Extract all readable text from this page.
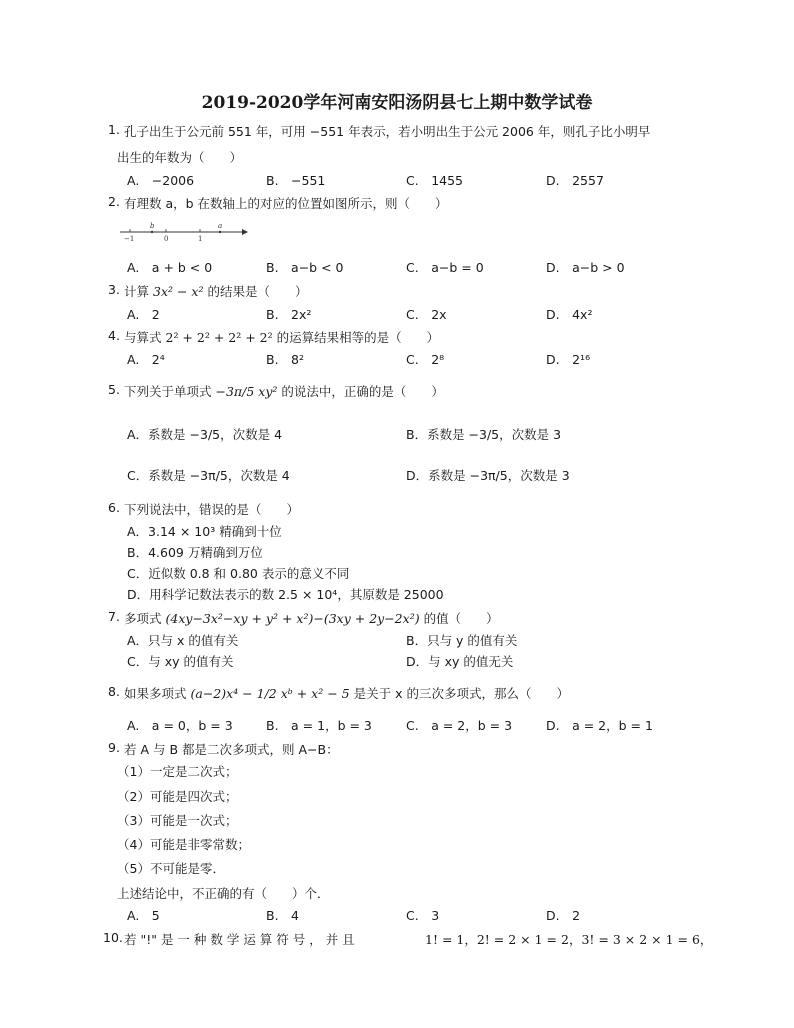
2019-2020学年河南安阳汤阴县七上期中数学试卷
1. 孔子出生于公元前 551 年，可用 −551 年表示，若小明出生于公元 2006 年，则孔子比小明早
出生的年数为（　　）
A.　−2006	B.　−551	C.　1455	D.　2557
2. 有理数 a，b 在数轴上的对应的位置如图所示，则（　　）
−1	0	1
b	a
A.　a + b < 0	B.　a−b < 0	C.　a−b = 0	D.　a−b > 0
3. 计算 3x² − x² 的结果是（　　）
A.　2	B.　2x²	C.　2x	D.　4x²
4. 与算式 2² + 2² + 2² + 2² 的运算结果相等的是（　　）
A.　2⁴	B.　8²	C.　2⁸	D.　2¹⁶
5. 下列关于单项式 −3π/5 xy² 的说法中，正确的是（　　）
A．系数是 −3/5，次数是 4	B．系数是 −3/5，次数是 3
C．系数是 −3π/5，次数是 4	D．系数是 −3π/5，次数是 3
6. 下列说法中，错误的是（　　）
A．3.14 × 10³ 精确到十位
B．4.609 万精确到万位
C．近似数 0.8 和 0.80 表示的意义不同
D．用科学记数法表示的数 2.5 × 10⁴，其原数是 25000
7. 多项式 (4xy−3x²−xy + y² + x²)−(3xy + 2y−2x²) 的值（　　）
A．只与 x 的值有关	B．只与 y 的值有关
C．与 xy 的值有关	D．与 xy 的值无关
8. 如果多项式 (a−2)x⁴ − 1/2 xᵇ + x² − 5 是关于 x 的三次多项式，那么（　　）
A.　a = 0，b = 3	B.　a = 1，b = 3	C.　a = 2，b = 3	D.　a = 2，b = 1
9. 若 A 与 B 都是二次多项式，则 A−B：
（1）一定是二次式；
（2）可能是四次式；
（3）可能是一次式；
（4）可能是非零常数；
（5）不可能是零．
上述结论中，不正确的有（　　）个．
A.　5	B.　4	C.　3	D.　2
10. 若 "!" 是 一 种 数 学 运 算 符 号 ， 并 且	1! = 1，2! = 2 × 1 = 2，3! = 3 × 2 × 1 = 6，
